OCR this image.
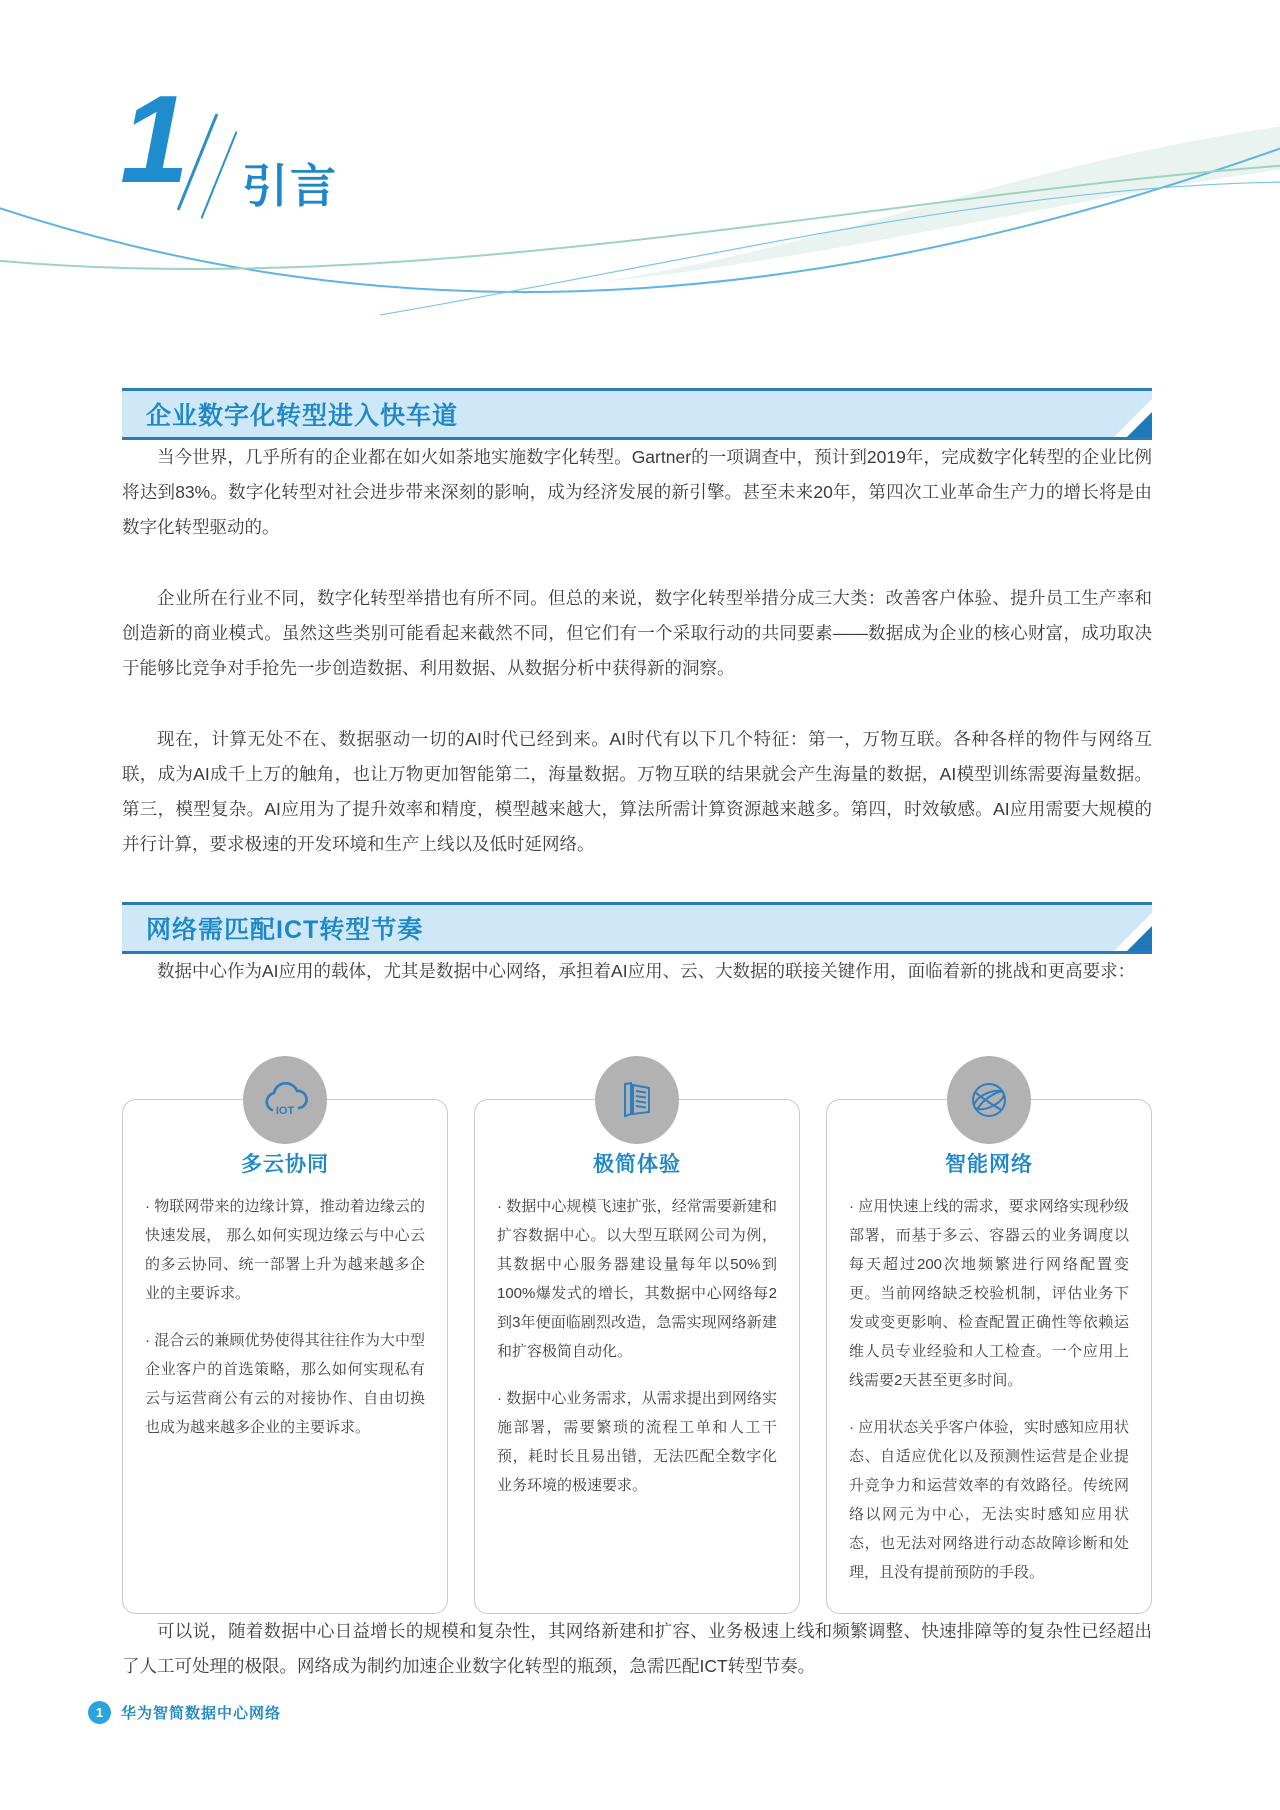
1 引言
企业数字化转型进入快车道

当今世界，几乎所有的企业都在如火如荼地实施数字化转型。Gartner的一项调查中，预计到2019年，完成数字化转型的企业比例将达到83%。数字化转型对社会进步带来深刻的影响，成为经济发展的新引擎。甚至未来20年，第四次工业革命生产力的增长将是由数字化转型驱动的。

企业所在行业不同，数字化转型举措也有所不同。但总的来说，数字化转型举措分成三大类：改善客户体验、提升员工生产率和创造新的商业模式。虽然这些类别可能看起来截然不同，但它们有一个采取行动的共同要素——数据成为企业的核心财富，成功取决于能够比竞争对手抢先一步创造数据、利用数据、从数据分析中获得新的洞察。

现在，计算无处不在、数据驱动一切的AI时代已经到来。AI时代有以下几个特征：第一，万物互联。各种各样的物件与网络互联，成为AI成千上万的触角，也让万物更加智能第二，海量数据。万物互联的结果就会产生海量的数据，AI模型训练需要海量数据。第三，模型复杂。AI应用为了提升效率和精度，模型越来越大，算法所需计算资源越来越多。第四，时效敏感。AI应用需要大规模的并行计算，要求极速的开发环境和生产上线以及低时延网络。

网络需匹配ICT转型节奏

数据中心作为AI应用的载体，尤其是数据中心网络，承担着AI应用、云、大数据的联接关键作用，面临着新的挑战和更高要求：

IOT
多云协同

· 物联网带来的边缘计算，推动着边缘云的快速发展， 那么如何实现边缘云与中心云的多云协同、统一部署上升为越来越多企业的主要诉求。

· 混合云的兼顾优势使得其往往作为大中型企业客户的首选策略，那么如何实现私有云与运营商公有云的对接协作、自由切换也成为越来越多企业的主要诉求。

极简体验

· 数据中心规模飞速扩张，经常需要新建和扩容数据中心。以大型互联网公司为例，其数据中心服务器建设量每年以50%到100%爆发式的增长，其数据中心网络每2到3年便面临剧烈改造，急需实现网络新建和扩容极简自动化。

· 数据中心业务需求，从需求提出到网络实施部署，需要繁琐的流程工单和人工干预，耗时长且易出错，无法匹配全数字化业务环境的极速要求。

智能网络

· 应用快速上线的需求，要求网络实现秒级部署，而基于多云、容器云的业务调度以每天超过200次地频繁进行网络配置变更。当前网络缺乏校验机制，评估业务下发或变更影响、检查配置正确性等依赖运维人员专业经验和人工检查。一个应用上线需要2天甚至更多时间。

· 应用状态关乎客户体验，实时感知应用状态、自适应优化以及预测性运营是企业提升竞争力和运营效率的有效路径。传统网络以网元为中心，无法实时感知应用状态，也无法对网络进行动态故障诊断和处理，且没有提前预防的手段。

可以说，随着数据中心日益增长的规模和复杂性，其网络新建和扩容、业务极速上线和频繁调整、快速排障等的复杂性已经超出了人工可处理的极限。网络成为制约加速企业数字化转型的瓶颈，急需匹配ICT转型节奏。

1	华为智简数据中心网络
